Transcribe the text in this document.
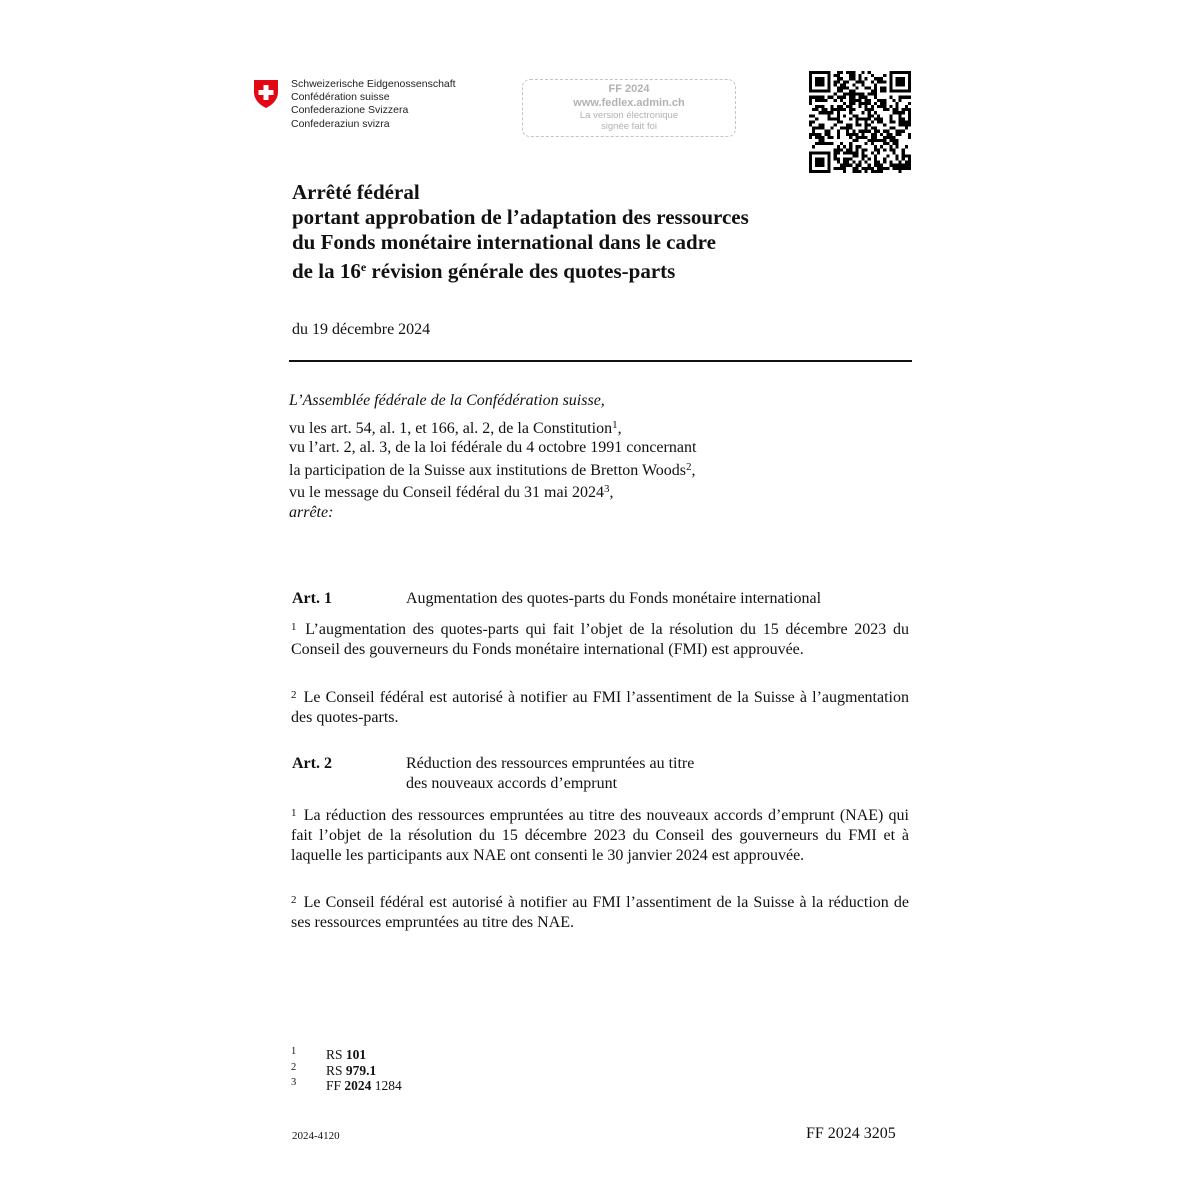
Schweizerische Eidgenossenschaft
Confédération suisse
Confederazione Svizzera
Confederaziun svizra
FF 2024
www.fedlex.admin.ch
La version électronique
signée fait foi
Arrêté fédéral
portant approbation de l’adaptation des ressources
du Fonds monétaire international dans le cadre
de la 16e révision générale des quotes-parts
du 19 décembre 2024
L’Assemblée fédérale de la Confédération suisse,
vu les art. 54, al. 1, et 166, al. 2, de la Constitution$^1$,
vu l’art. 2, al. 3, de la loi fédérale du 4 octobre 1991 concernant
la participation de la Suisse aux institutions de Bretton Woods$^2$,
vu le message du Conseil fédéral du 31 mai 2024$^3$,
arrête:
Art. 1	Augmentation des quotes-parts du Fonds monétaire international
$^1$ L’augmentation des quotes-parts qui fait l’objet de la résolution du 15 décembre 2023 du Conseil des gouverneurs du Fonds monétaire international (FMI) est approuvée.
$^2$ Le Conseil fédéral est autorisé à notifier au FMI l’assentiment de la Suisse à l’augmentation des quotes-parts.
Art. 2	Réduction des ressources empruntées au titre
des nouveaux accords d’emprunt
$^1$ La réduction des ressources empruntées au titre des nouveaux accords d’emprunt (NAE) qui fait l’objet de la résolution du 15 décembre 2023 du Conseil des gouverneurs du FMI et à laquelle les participants aux NAE ont consenti le 30 janvier 2024 est approuvée.
$^2$ Le Conseil fédéral est autorisé à notifier au FMI l’assentiment de la Suisse à la réduction de ses ressources empruntées au titre des NAE.
1 RS 101
2 RS 979.1
3 FF 2024 1284
2024-4120	FF 2024 3205
